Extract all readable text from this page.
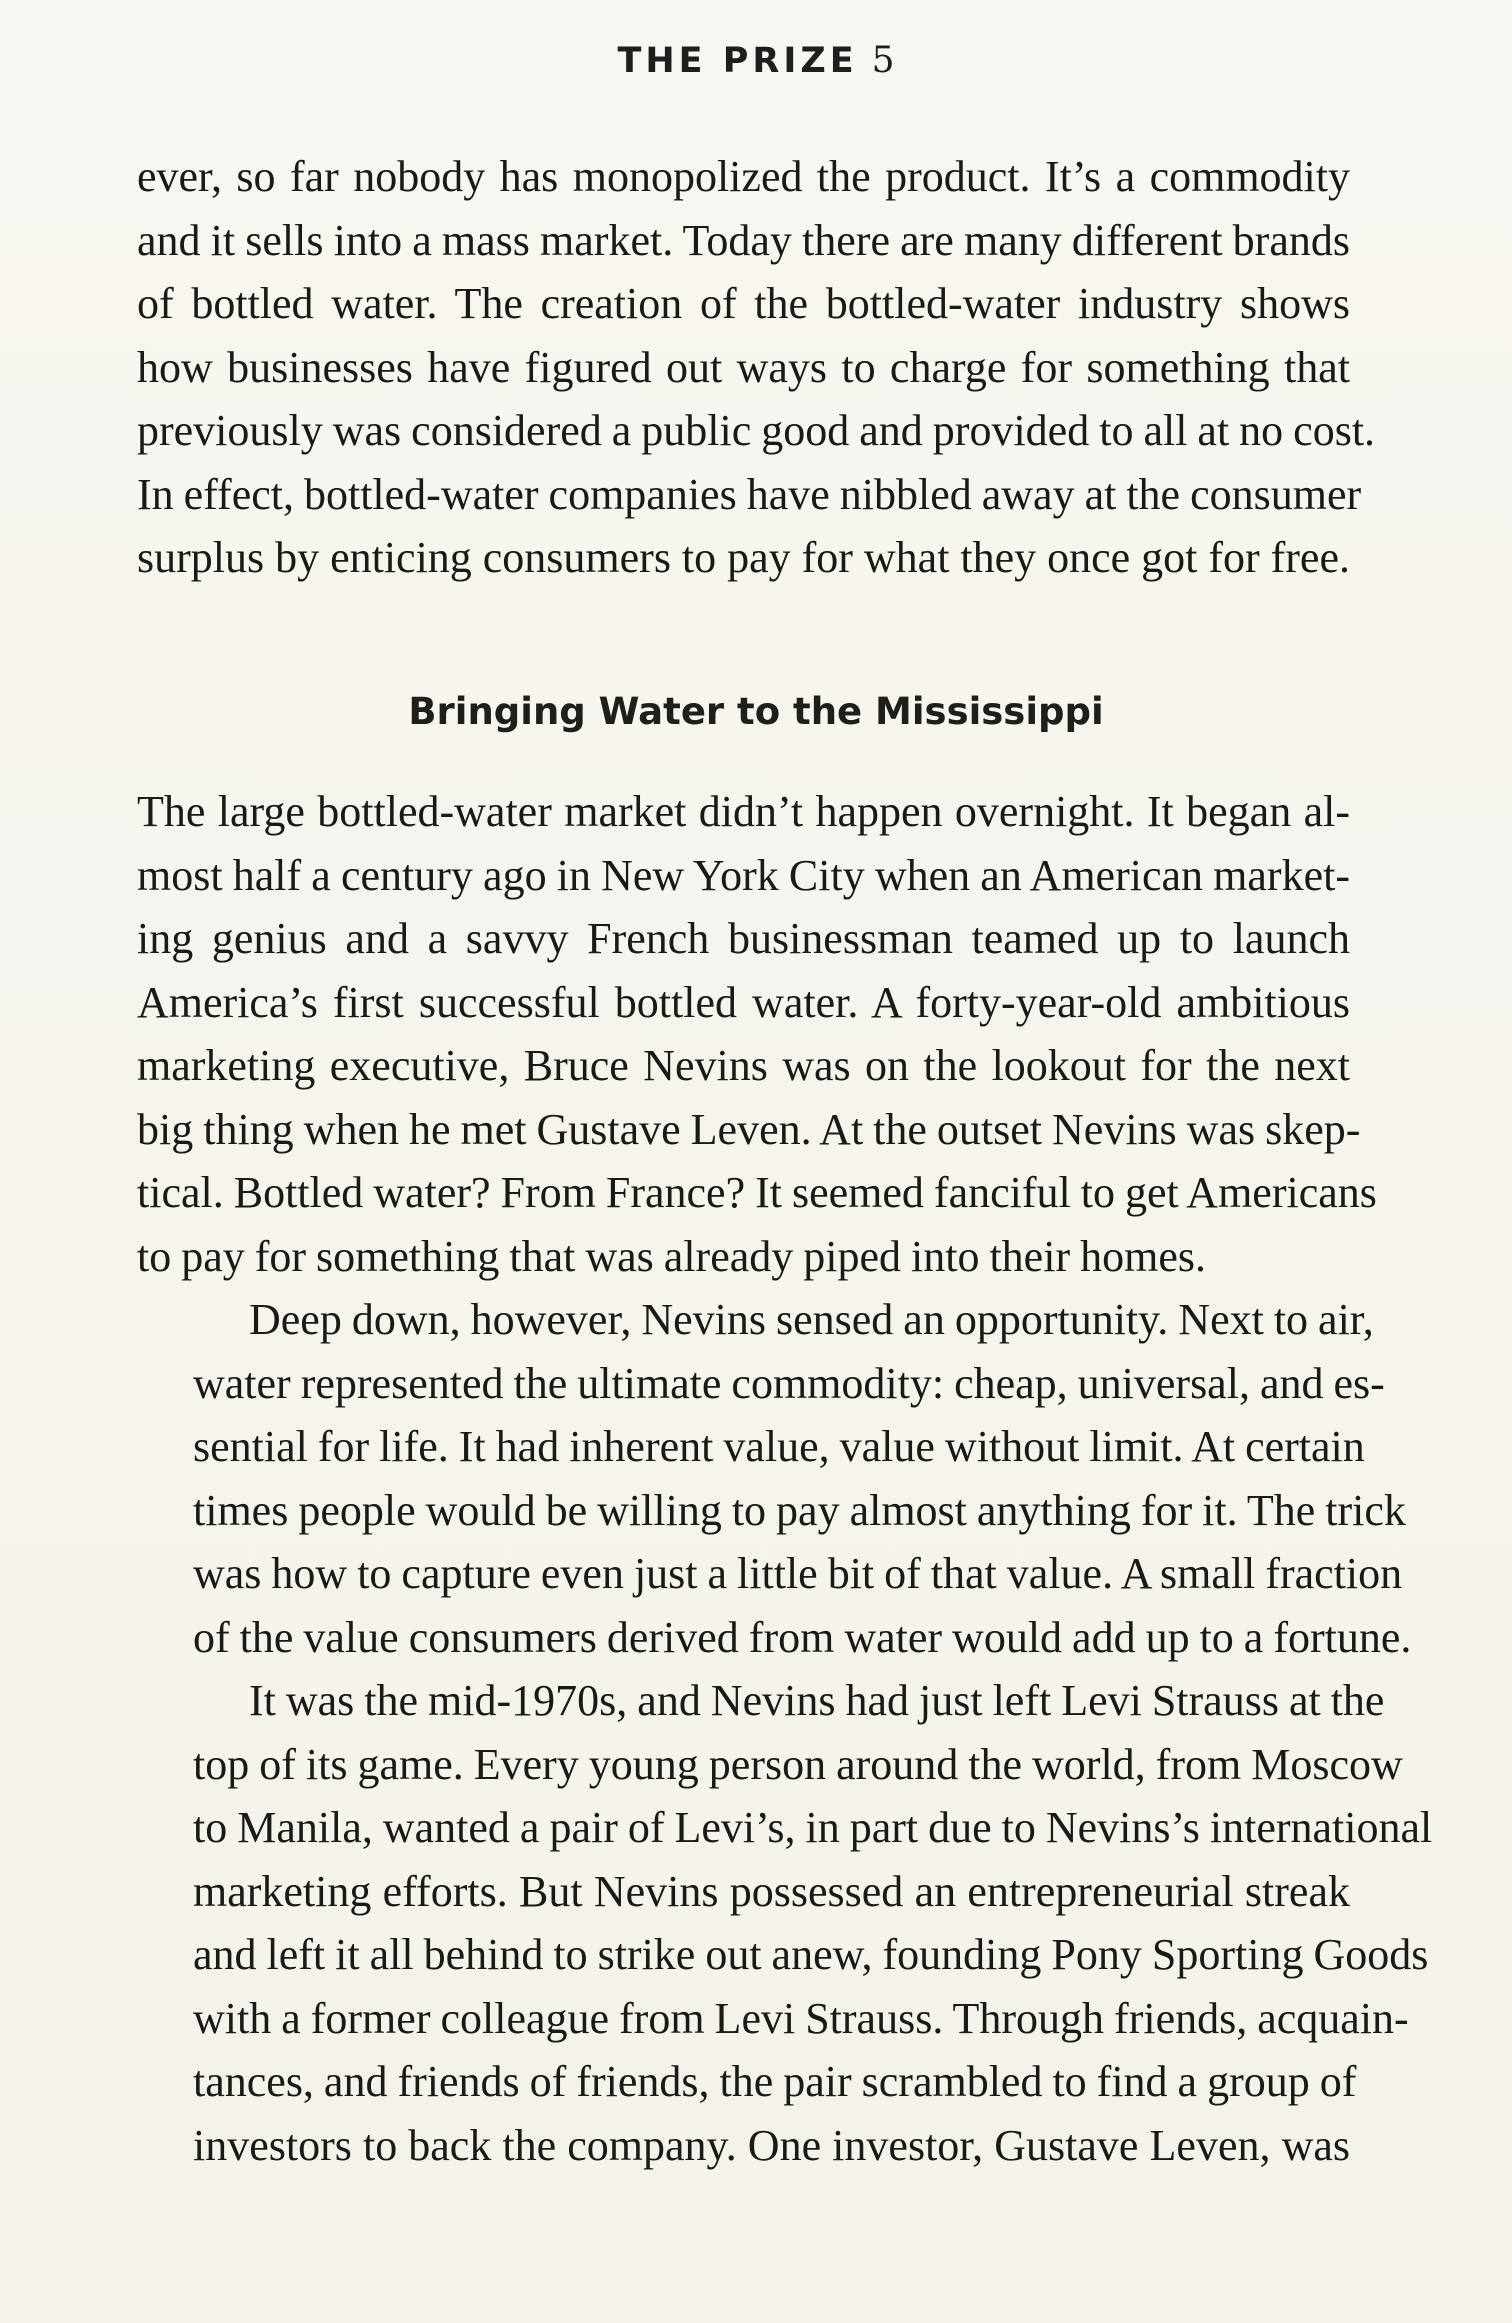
THE PRIZE 5

ever, so far nobody has monopolized the product. It’s a commodity
and it sells into a mass market. Today there are many different brands
of bottled water. The creation of the bottled-water industry shows
how businesses have figured out ways to charge for something that
previously was considered a public good and provided to all at no cost.
In effect, bottled-water companies have nibbled away at the consumer
surplus by enticing consumers to pay for what they once got for free.

Bringing Water to the Mississippi

The large bottled-water market didn’t happen overnight. It began al-
most half a century ago in New York City when an American market-
ing genius and a savvy French businessman teamed up to launch
America’s first successful bottled water. A forty-year-old ambitious
marketing executive, Bruce Nevins was on the lookout for the next
big thing when he met Gustave Leven. At the outset Nevins was skep-
tical. Bottled water? From France? It seemed fanciful to get Americans
to pay for something that was already piped into their homes.

Deep down, however, Nevins sensed an opportunity. Next to air,
water represented the ultimate commodity: cheap, universal, and es-
sential for life. It had inherent value, value without limit. At certain
times people would be willing to pay almost anything for it. The trick
was how to capture even just a little bit of that value. A small fraction
of the value consumers derived from water would add up to a fortune.

It was the mid-1970s, and Nevins had just left Levi Strauss at the
top of its game. Every young person around the world, from Moscow
to Manila, wanted a pair of Levi’s, in part due to Nevins’s international
marketing efforts. But Nevins possessed an entrepreneurial streak
and left it all behind to strike out anew, founding Pony Sporting Goods
with a former colleague from Levi Strauss. Through friends, acquain-
tances, and friends of friends, the pair scrambled to find a group of
investors to back the company. One investor, Gustave Leven, was
